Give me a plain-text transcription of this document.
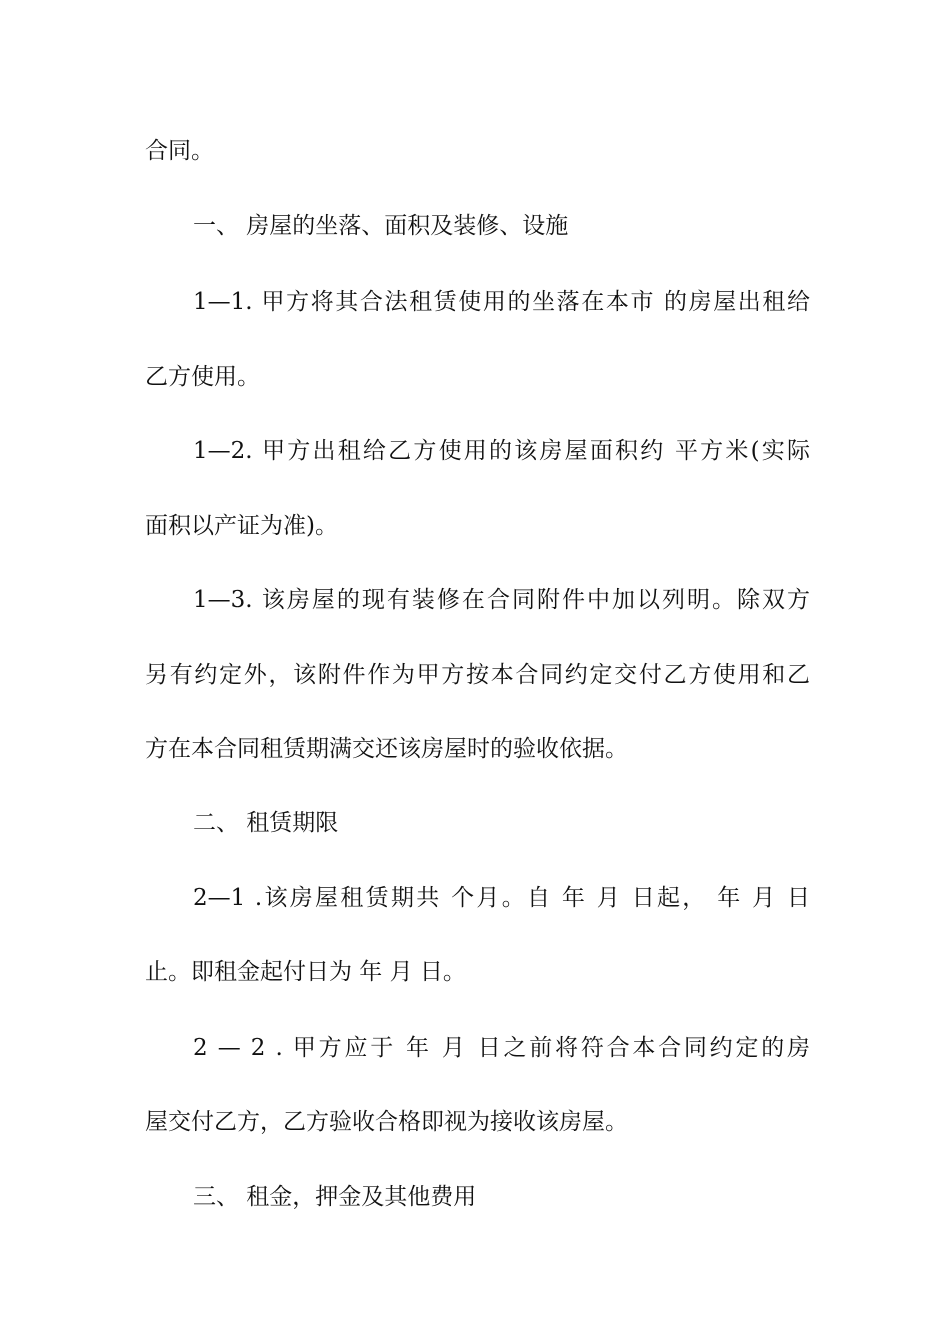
合同。
一、 房屋的坐落、面积及装修、设施
1—1. 甲方将其合法租赁使用的坐落在本市 的房屋出租给
乙方使用。
1—2. 甲方出租给乙方使用的该房屋面积约 平方米(实际
面积以产证为准)。
1—3. 该房屋的现有装修在合同附件中加以列明。除双方
另有约定外，该附件作为甲方按本合同约定交付乙方使用和乙
方在本合同租赁期满交还该房屋时的验收依据。
二、 租赁期限
2—1 .该房屋租赁期共 个月。自 年 月 日起， 年 月 日
止。即租金起付日为 年 月 日。
2 — 2 . 甲方应于 年 月 日之前将符合本合同约定的房
屋交付乙方，乙方验收合格即视为接收该房屋。
三、 租金，押金及其他费用
